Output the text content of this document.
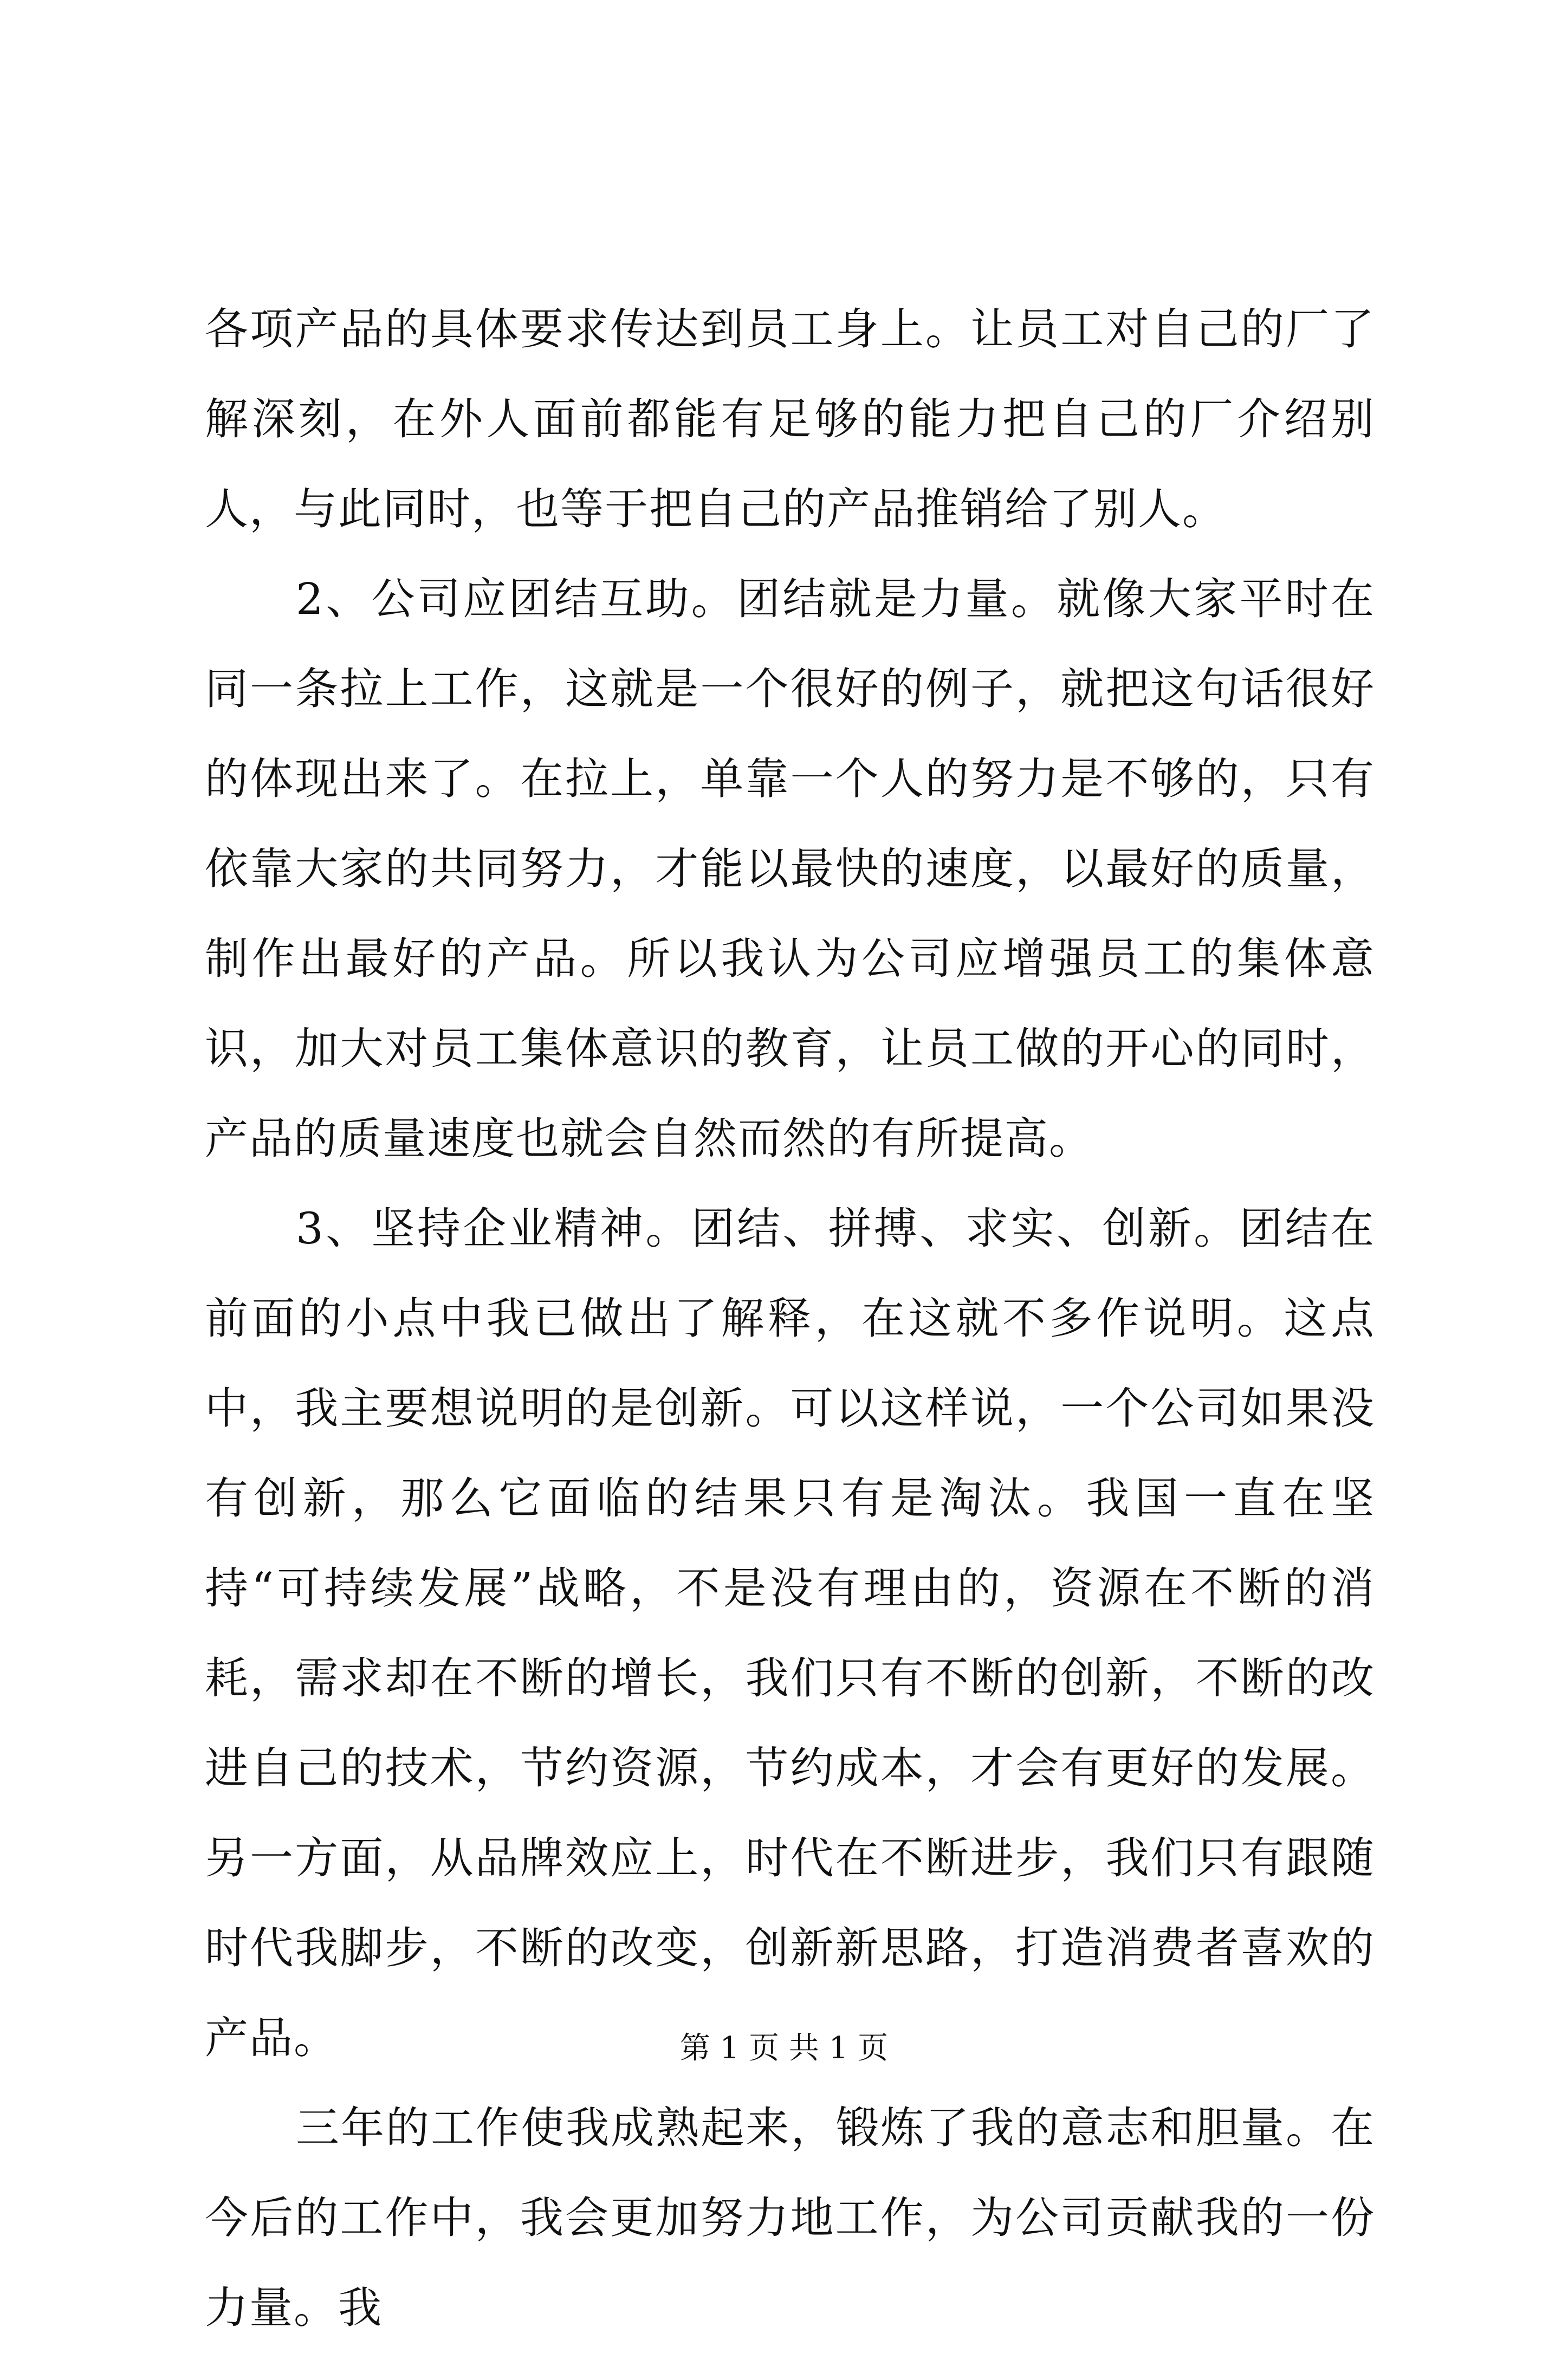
各项产品的具体要求传达到员工身上。让员工对自己的厂了解深刻，在外人面前都能有足够的能力把自己的厂介绍别人，与此同时，也等于把自己的产品推销给了别人。

2、公司应团结互助。团结就是力量。就像大家平时在同一条拉上工作，这就是一个很好的例子，就把这句话很好的体现出来了。在拉上，单靠一个人的努力是不够的，只有依靠大家的共同努力，才能以最快的速度，以最好的质量，制作出最好的产品。所以我认为公司应增强员工的集体意识，加大对员工集体意识的教育，让员工做的开心的同时，产品的质量速度也就会自然而然的有所提高。

3、坚持企业精神。团结、拼搏、求实、创新。团结在前面的小点中我已做出了解释，在这就不多作说明。这点中，我主要想说明的是创新。可以这样说，一个公司如果没有创新，那么它面临的结果只有是淘汰。我国一直在坚持“可持续发展”战略，不是没有理由的，资源在不断的消耗，需求却在不断的增长，我们只有不断的创新，不断的改进自己的技术，节约资源，节约成本，才会有更好的发展。另一方面，从品牌效应上，时代在不断进步，我们只有跟随时代我脚步，不断的改变，创新新思路，打造消费者喜欢的产品。

三年的工作使我成熟起来，锻炼了我的意志和胆量。在今后的工作中，我会更加努力地工作，为公司贡献我的一份力量。我

第 1 页 共 1 页
